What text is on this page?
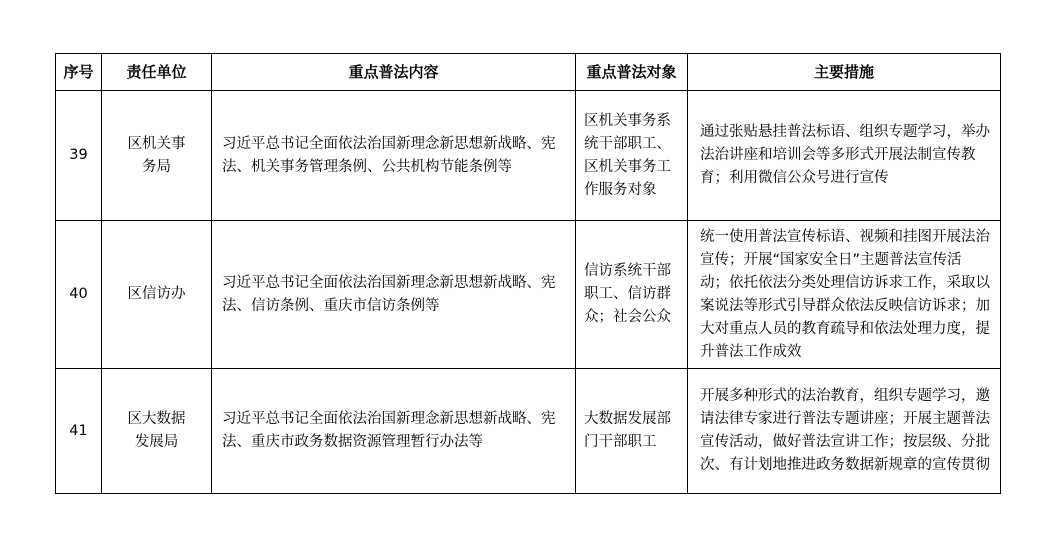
序号	责任单位	重点普法内容	重点普法对象	主要措施
39	区机关事务局	习近平总书记全面依法治国新理念新思想新战略、宪法、机关事务管理条例、公共机构节能条例等	区机关事务系统干部职工、区机关事务工作服务对象	通过张贴悬挂普法标语、组织专题学习，举办法治讲座和培训会等多形式开展法制宣传教育；利用微信公众号进行宣传
40	区信访办	习近平总书记全面依法治国新理念新思想新战略、宪法、信访条例、重庆市信访条例等	信访系统干部职工、信访群众；社会公众	统一使用普法宣传标语、视频和挂图开展法治宣传；开展“国家安全日”主题普法宣传活动；依托依法分类处理信访诉求工作，采取以案说法等形式引导群众依法反映信访诉求；加大对重点人员的教育疏导和依法处理力度，提升普法工作成效
41	区大数据发展局	习近平总书记全面依法治国新理念新思想新战略、宪法、重庆市政务数据资源管理暂行办法等	大数据发展部门干部职工	开展多种形式的法治教育，组织专题学习，邀请法律专家进行普法专题讲座；开展主题普法宣传活动，做好普法宣讲工作；按层级、分批次、有计划地推进政务数据新规章的宣传贯彻
